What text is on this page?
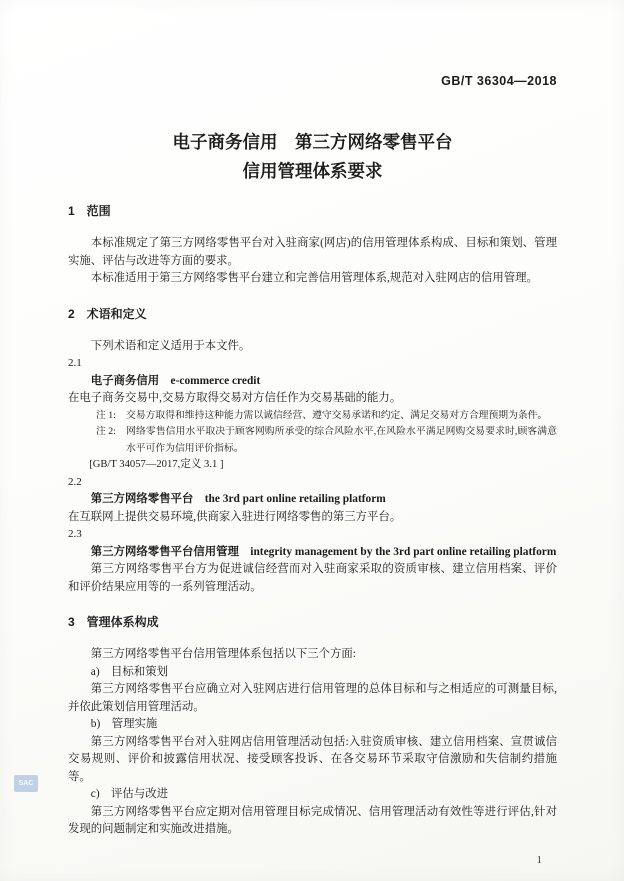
SAC
GB/T 36304—2018
电子商务信用　第三方网络零售平台
信用管理体系要求
1　范围
本标准规定了第三方网络零售平台对入驻商家(网店)的信用管理体系构成、目标和策划、管理实施、评估与改进等方面的要求。
本标准适用于第三方网络零售平台建立和完善信用管理体系,规范对入驻网店的信用管理。
2　术语和定义
下列术语和定义适用于本文件。
2.1
电子商务信用 e-commerce credit
在电子商务交易中,交易方取得交易对方信任作为交易基础的能力。
注 1: 交易方取得和维持这种能力需以诚信经营、遵守交易承诺和约定、满足交易对方合理预期为条件。
注 2: 网络零售信用水平取决于顾客网购所承受的综合风险水平,在风险水平满足网购交易要求时,顾客满意水平可作为信用评价指标。
[GB/T 34057—2017,定义 3.1 ]
2.2
第三方网络零售平台 the 3rd part online retailing platform
在互联网上提供交易环境,供商家入驻进行网络零售的第三方平台。
2.3
第三方网络零售平台信用管理 integrity management by the 3rd part online retailing platform
第三方网络零售平台方为促进诚信经营而对入驻商家采取的资质审核、建立信用档案、评价和评价结果应用等的一系列管理活动。
3　管理体系构成
第三方网络零售平台信用管理体系包括以下三个方面:
a)　目标和策划
第三方网络零售平台应确立对入驻网店进行信用管理的总体目标和与之相适应的可测量目标,并依此策划信用管理活动。
b)　管理实施
第三方网络零售平台对入驻网店信用管理活动包括:入驻资质审核、建立信用档案、宣贯诚信交易规则、评价和披露信用状况、接受顾客投诉、在各交易环节采取守信激励和失信制约措施等。
c)　评估与改进
第三方网络零售平台应定期对信用管理目标完成情况、信用管理活动有效性等进行评估,针对发现的问题制定和实施改进措施。
1
